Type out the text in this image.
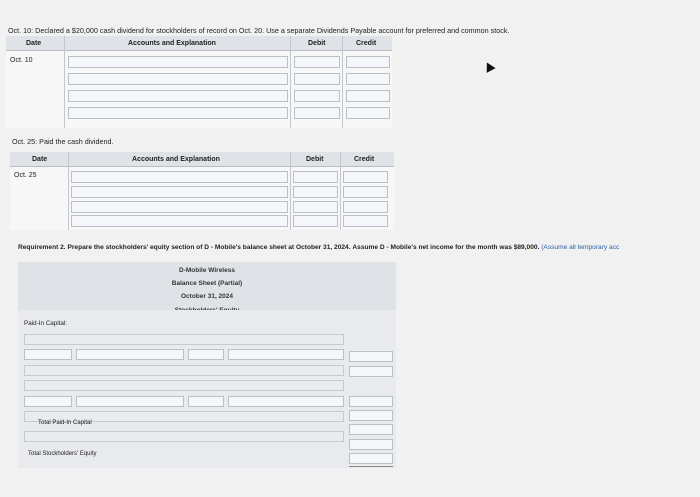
Oct. 10: Declared a $20,000 cash dividend for stockholders of record on Oct. 20. Use a separate Dividends Payable account for preferred and common stock.
Date	Accounts and Explanation	Debit	Credit
Oct. 10
Oct. 25: Paid the cash dividend.
Date	Accounts and Explanation	Debit	Credit
Oct. 25
Requirement 2. Prepare the stockholders' equity section of D - Mobile's balance sheet at October 31, 2024. Assume D - Mobile's net income for the month was $89,000. (Assume all temporary acc
D-Mobile Wireless
Balance Sheet (Partial)
October 31, 2024
Paid-In Capital:
Total Paid-In Capital
Total Stockholders' Equity
